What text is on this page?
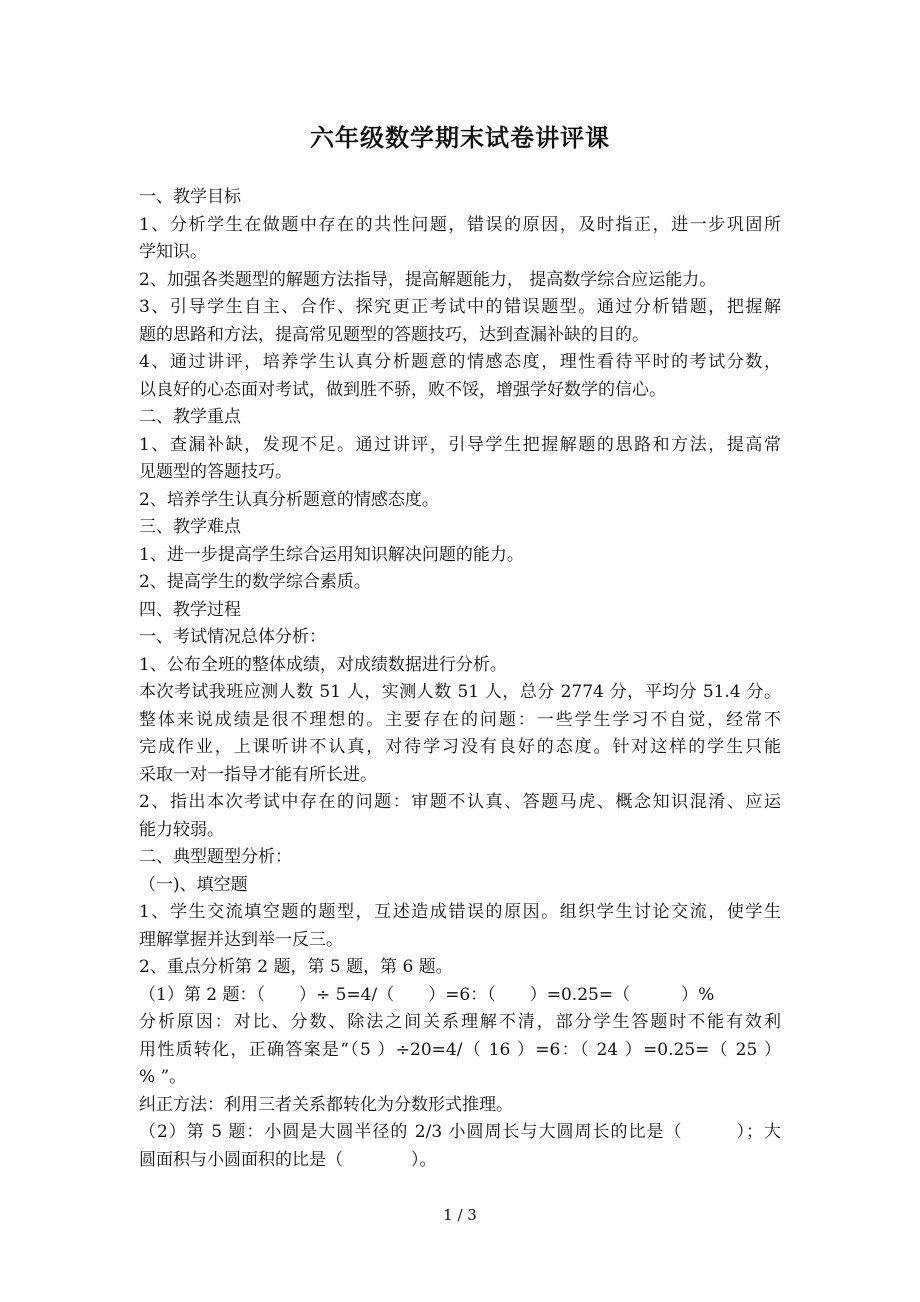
六年级数学期末试卷讲评课
一、教学目标
1、分析学生在做题中存在的共性问题，错误的原因，及时指正，进一步巩固所
学知识。
2、加强各类题型的解题方法指导，提高解题能力， 提高数学综合应运能力。
3、引导学生自主、合作、探究更正考试中的错误题型。通过分析错题，把握解
题的思路和方法，提高常见题型的答题技巧，达到查漏补缺的目的。
4、通过讲评，培养学生认真分析题意的情感态度，理性看待平时的考试分数，
以良好的心态面对考试，做到胜不骄，败不馁，增强学好数学的信心。
二、教学重点
1、查漏补缺，发现不足。通过讲评，引导学生把握解题的思路和方法，提高常
见题型的答题技巧。
2、培养学生认真分析题意的情感态度。
三、教学难点
1、进一步提高学生综合运用知识解决问题的能力。
2、提高学生的数学综合素质。
四、教学过程
一、考试情况总体分析：
1、公布全班的整体成绩，对成绩数据进行分析。
本次考试我班应测人数 51 人，实测人数 51 人，总分 2774 分，平均分 51.4 分。
整体来说成绩是很不理想的。主要存在的问题：一些学生学习不自觉，经常不
完成作业，上课听讲不认真，对待学习没有良好的态度。针对这样的学生只能
采取一对一指导才能有所长进。
2、指出本次考试中存在的问题：审题不认真、答题马虎、概念知识混淆、应运
能力较弱。
二、典型题型分析：
（一)、填空题
1、学生交流填空题的题型，互述造成错误的原因。组织学生讨论交流，使学生
理解掌握并达到举一反三。
2、重点分析第 2 题，第 5 题，第 6 题。
（1）第 2 题：（　　）÷ 5=4/（　　）=6：（　　）=0.25=（　　　）%
分析原因：对比、分数、除法之间关系理解不清，部分学生答题时不能有效利
用性质转化，正确答案是“（5 ）÷20=4/（ 16 ）=6：（ 24 ）=0.25=（ 25 ）
% ”。
纠正方法：利用三者关系都转化为分数形式推理。
（2）第 5 题：小圆是大圆半径的 2/3 小圆周长与大圆周长的比是（　　　）；大
圆面积与小圆面积的比是（　　　　）。
1 / 3
